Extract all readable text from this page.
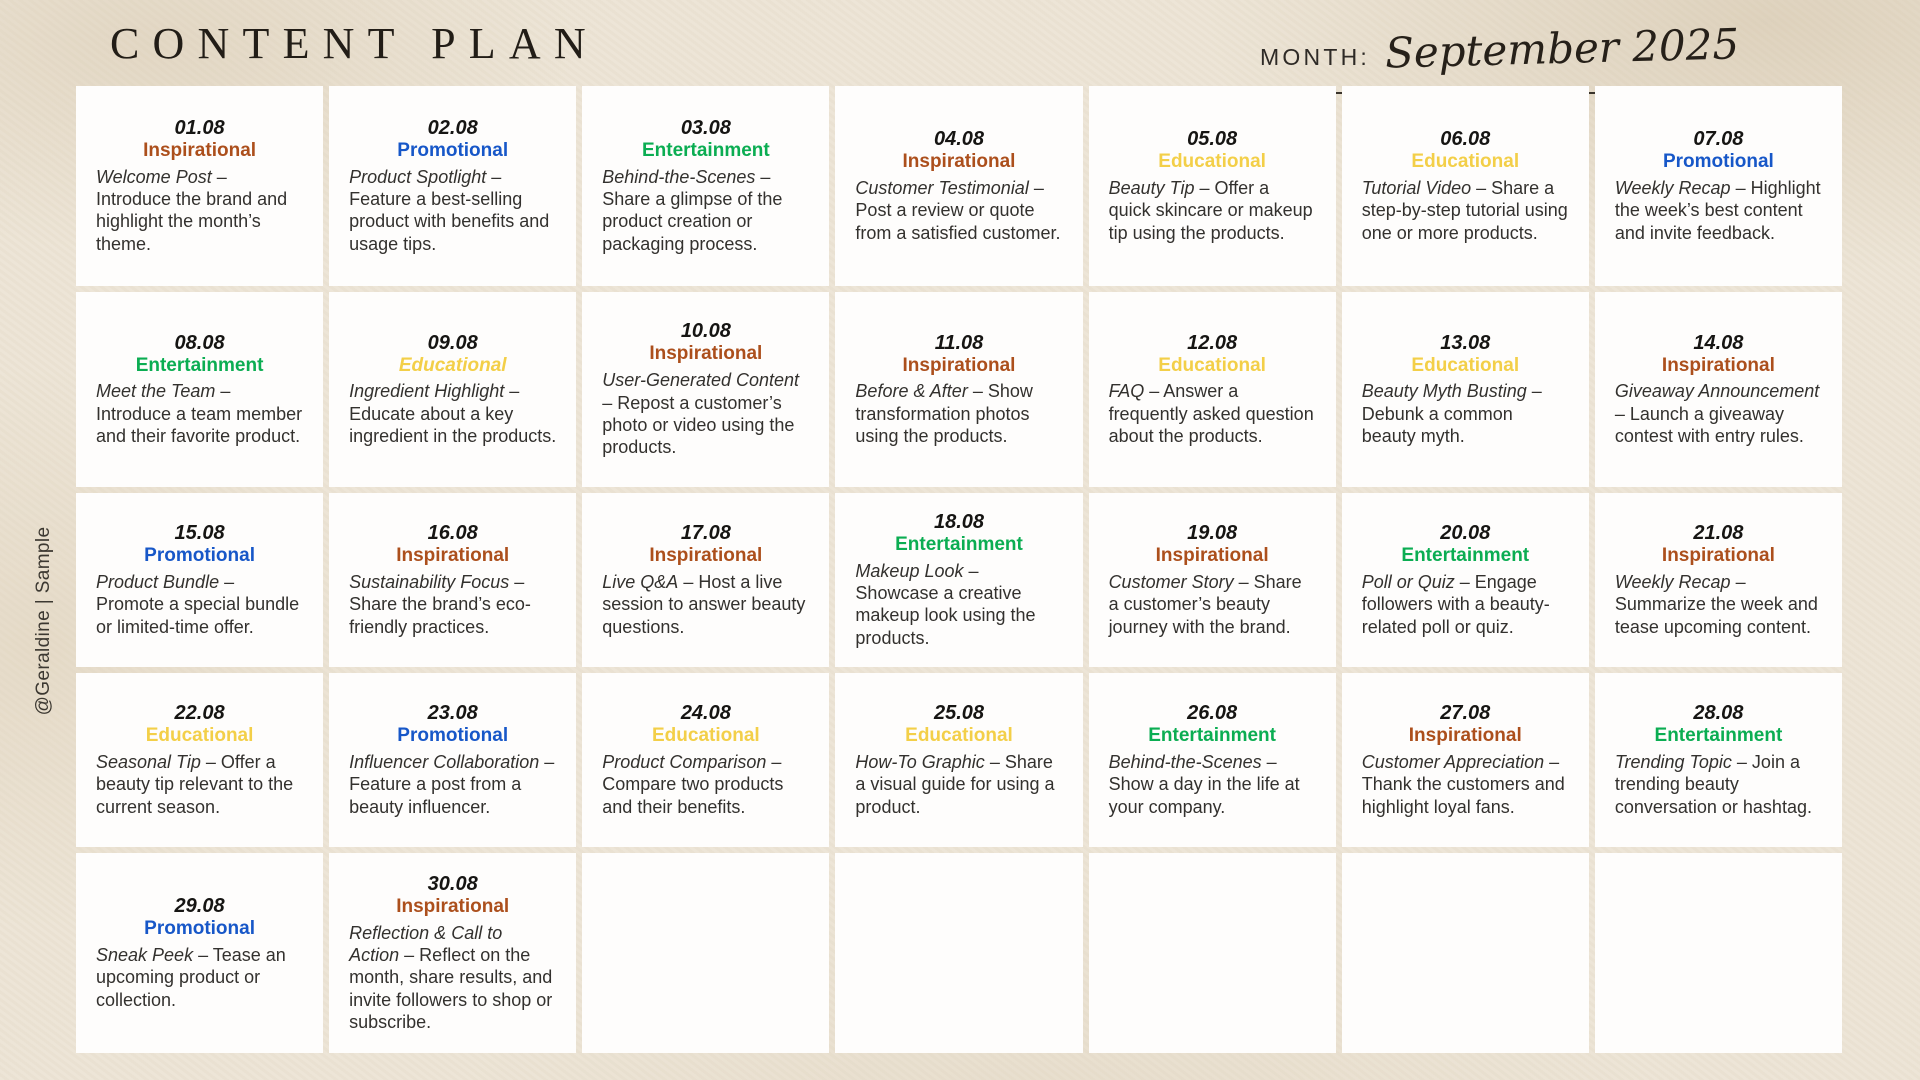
CONTENT PLAN	MONTH: September 2025
@Geraldine | Sample
01.08
Inspirational

Welcome Post – Introduce the brand and highlight the month’s theme.

02.08
Promotional

Product Spotlight – Feature a best-selling product with benefits and usage tips.

03.08
Entertainment

Behind-the-Scenes – Share a glimpse of the product creation or packaging process.

04.08
Inspirational

Customer Testimonial – Post a review or quote from a satisfied customer.

05.08
Educational

Beauty Tip – Offer a quick skincare or makeup tip using the products.

06.08
Educational

Tutorial Video – Share a step-by-step tutorial using one or more products.

07.08
Promotional

Weekly Recap – Highlight the week’s best content and invite feedback.

08.08
Entertainment

Meet the Team – Introduce a team member and their favorite product.

09.08
Educational

Ingredient Highlight – Educate about a key ingredient in the products.

10.08
Inspirational

User-Generated Content – Repost a customer’s photo or video using the products.

11.08
Inspirational

Before & After – Show transformation photos using the products.

12.08
Educational

FAQ – Answer a frequently asked question about the products.

13.08
Educational

Beauty Myth Busting – Debunk a common beauty myth.

14.08
Inspirational

Giveaway Announcement – Launch a giveaway contest with entry rules.

15.08
Promotional

Product Bundle – Promote a special bundle or limited-time offer.

16.08
Inspirational

Sustainability Focus – Share the brand’s eco-friendly practices.

17.08
Inspirational

Live Q&A – Host a live session to answer beauty questions.

18.08
Entertainment

Makeup Look – Showcase a creative makeup look using the products.

19.08
Inspirational

Customer Story – Share a customer’s beauty journey with the brand.

20.08
Entertainment

Poll or Quiz – Engage followers with a beauty-related poll or quiz.

21.08
Inspirational

Weekly Recap – Summarize the week and tease upcoming content.

22.08
Educational

Seasonal Tip – Offer a beauty tip relevant to the current season.

23.08
Promotional

Influencer Collaboration – Feature a post from a beauty influencer.

24.08
Educational

Product Comparison – Compare two products and their benefits.

25.08
Educational

How-To Graphic – Share a visual guide for using a product.

26.08
Entertainment

Behind-the-Scenes – Show a day in the life at your company.

27.08
Inspirational

Customer Appreciation – Thank the customers and highlight loyal fans.

28.08
Entertainment

Trending Topic – Join a trending beauty conversation or hashtag.

29.08
Promotional

Sneak Peek – Tease an upcoming product or collection.

30.08
Inspirational

Reflection & Call to Action – Reflect on the month, share results, and invite followers to shop or subscribe.
